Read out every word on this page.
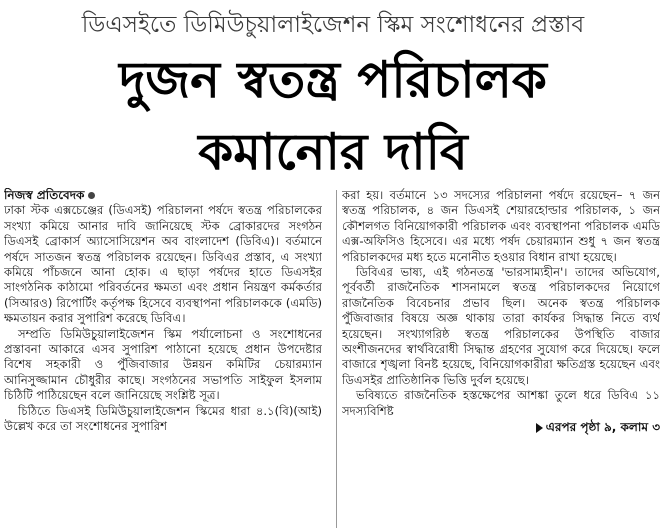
ডিএসইতে ডিমিউচুয়ালাইজেশন স্কিম সংশোধনের প্রস্তাব
দুজন স্বতন্ত্র পরিচালক
কমানোর দাবি
নিজস্ব প্রতিবেদক

ঢাকা স্টক এক্সচেঞ্জের (ডিএসই) পরিচালনা পর্ষদে স্বতন্ত্র পরিচালকের সংখ্যা কমিয়ে আনার দাবি জানিয়েছে স্টক ব্রোকারদের সংগঠন ডিএসই ব্রোকার্স অ্যাসোসিয়েশন অব বাংলাদেশ (ডিবিএ)। বর্তমানে পর্ষদে সাতজন স্বতন্ত্র পরিচালক রয়েছেন। ডিবিএর প্রস্তাব, এ সংখ্যা কমিয়ে পাঁচজনে আনা হোক। এ ছাড়া পর্ষদের হাতে ডিএসইর সাংগঠনিক কাঠামো পরিবর্তনের ক্ষমতা এবং প্রধান নিয়ন্ত্রণ কর্মকর্তার (সিআরও) রিপোর্টিং কর্তৃপক্ষ হিসেবে ব্যবস্থাপনা পরিচালককে (এমডি) ক্ষমতায়ন করার সুপারিশ করেছে ডিবিএ।

সম্প্রতি ডিমিউচুয়ালাইজেশন স্কিম পর্যালোচনা ও সংশোধনের প্রস্তাবনা আকারে এসব সুপারিশ পাঠানো হয়েছে প্রধান উপদেষ্টার বিশেষ সহকারী ও পুঁজিবাজার উন্নয়ন কমিটির চেয়ারম্যান আনিসুজ্জামান চৌধুরীর কাছে। সংগঠনের সভাপতি সাইফুল ইসলাম চিঠিটি পাঠিয়েছেন বলে জানিয়েছে সংশ্লিষ্ট সূত্র।

চিঠিতে ডিএসই ডিমিউচুয়ালাইজেশন স্কিমের ধারা ৪.১(বি)(আই) উল্লেখ করে তা সংশোধনের সুপারিশ

করা হয়। বর্তমানে ১৩ সদস্যের পরিচালনা পর্ষদে রয়েছেন– ৭ জন স্বতন্ত্র পরিচালক, ৪ জন ডিএসই শেয়ারহোল্ডার পরিচালক, ১ জন কৌশলগত বিনিয়োগকারী পরিচালক এবং ব্যবস্থাপনা পরিচালক এমডি এক্স-অফিসিও হিসেবে। এর মধ্যে পর্ষদ চেয়ারম্যান শুধু ৭ জন স্বতন্ত্র পরিচালকদের মধ্য হতে মনোনীত হওয়ার বিধান রাখা হয়েছে।

ডিবিএর ভাষ্য, এই গঠনতন্ত্র 'ভারসাম্যহীন'। তাদের অভিযোগ, পূর্ববর্তী রাজনৈতিক শাসনামলে স্বতন্ত্র পরিচালকদের নিয়োগে রাজনৈতিক বিবেচনার প্রভাব ছিল। অনেক স্বতন্ত্র পরিচালক পুঁজিবাজার বিষয়ে অজ্ঞ থাকায় তারা কার্যকর সিদ্ধান্ত নিতে ব্যর্থ হয়েছেন। সংখ্যাগরিষ্ঠ স্বতন্ত্র পরিচালকের উপস্থিতি বাজার অংশীজনদের স্বার্থবিরোধী সিদ্ধান্ত গ্রহণের সুযোগ করে দিয়েছে। ফলে বাজারে শৃঙ্খলা বিনষ্ট হয়েছে, বিনিয়োগকারীরা ক্ষতিগ্রস্ত হয়েছেন এবং ডিএসইর প্রাতিষ্ঠানিক ভিত্তি দুর্বল হয়েছে।

ভবিষ্যতে রাজনৈতিক হস্তক্ষেপের আশঙ্কা তুলে ধরে ডিবিএ ১১ সদস্যবিশিষ্ট

এরপর পৃষ্ঠা ৯, কলাম ৩
